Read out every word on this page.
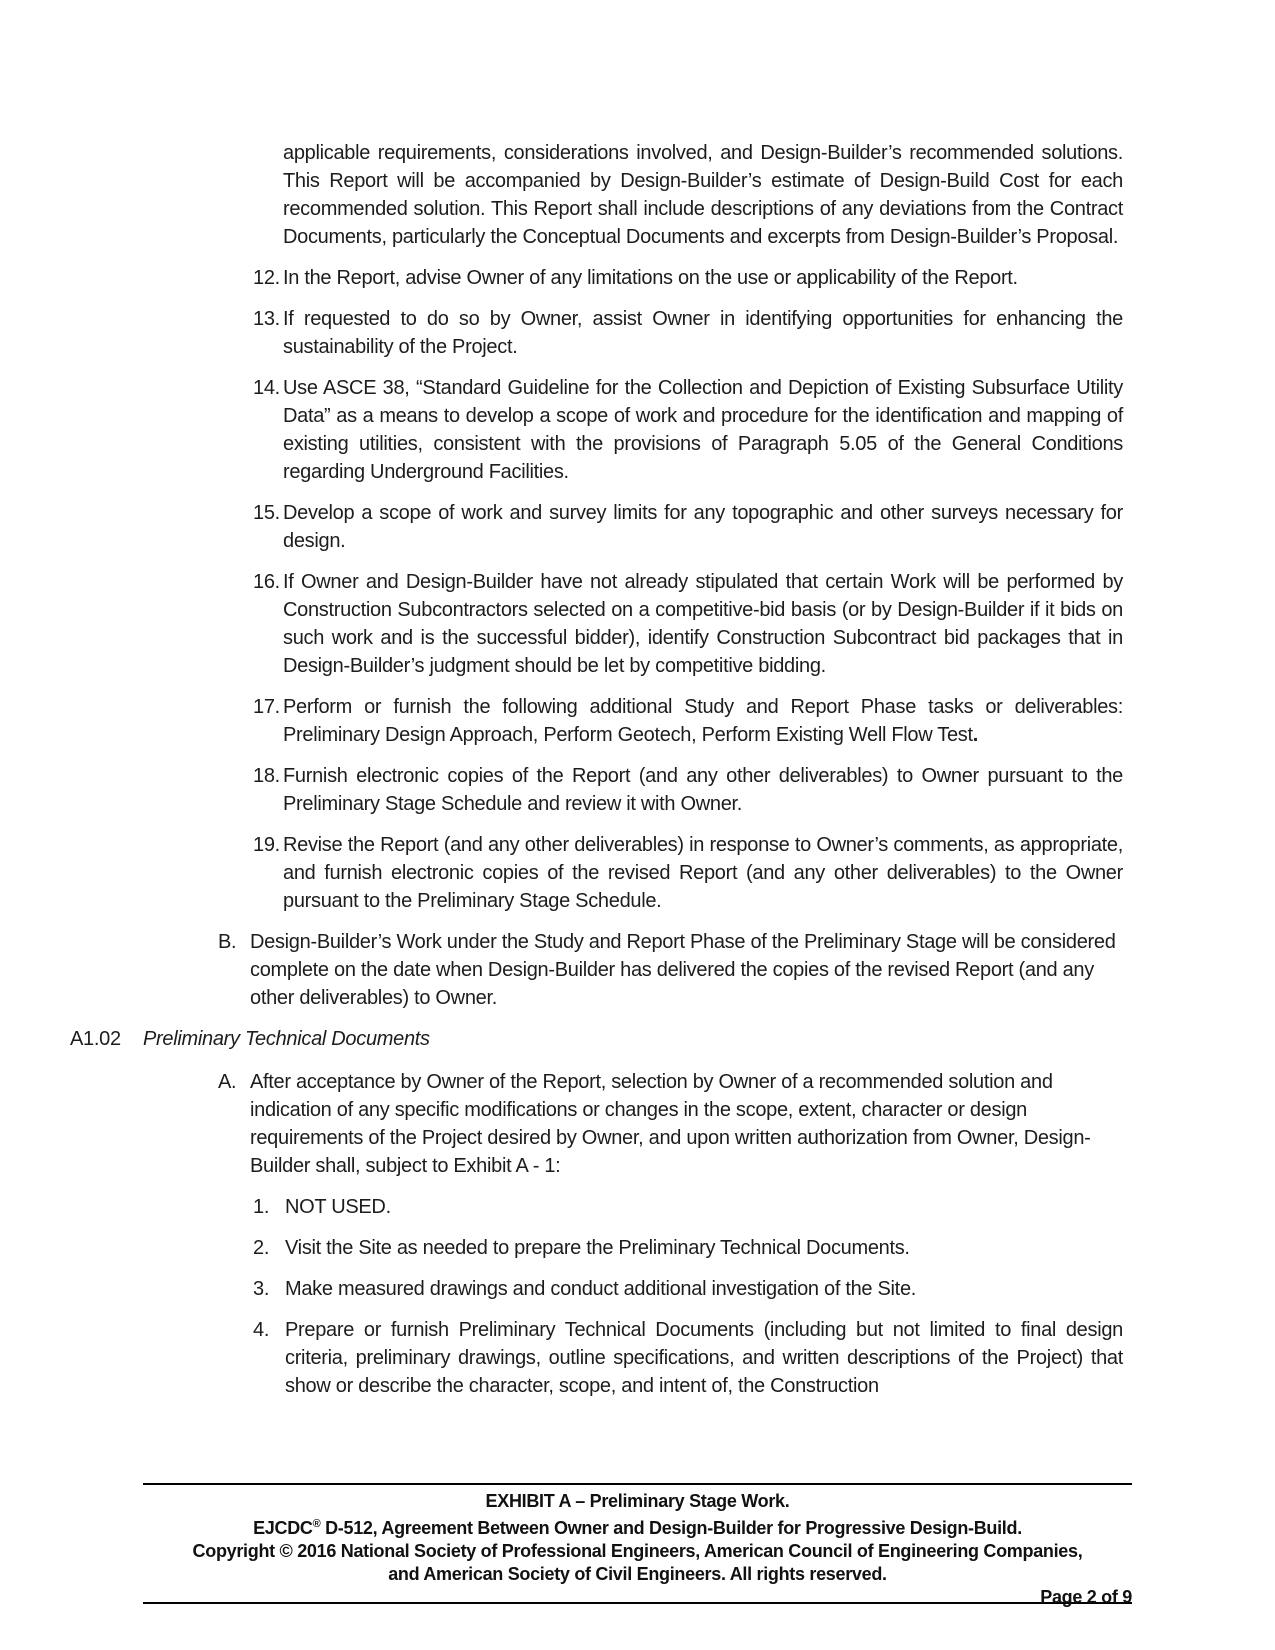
applicable requirements, considerations involved, and Design-Builder’s recommended solutions. This Report will be accompanied by Design-Builder’s estimate of Design-Build Cost for each recommended solution. This Report shall include descriptions of any deviations from the Contract Documents, particularly the Conceptual Documents and excerpts from Design-Builder’s Proposal.

12. In the Report, advise Owner of any limitations on the use or applicability of the Report.
13. If requested to do so by Owner, assist Owner in identifying opportunities for enhancing the sustainability of the Project.
14. Use ASCE 38, “Standard Guideline for the Collection and Depiction of Existing Subsurface Utility Data” as a means to develop a scope of work and procedure for the identification and mapping of existing utilities, consistent with the provisions of Paragraph 5.05 of the General Conditions regarding Underground Facilities.
15. Develop a scope of work and survey limits for any topographic and other surveys necessary for design.
16. If Owner and Design-Builder have not already stipulated that certain Work will be performed by Construction Subcontractors selected on a competitive-bid basis (or by Design-Builder if it bids on such work and is the successful bidder), identify Construction Subcontract bid packages that in Design-Builder’s judgment should be let by competitive bidding.
17. Perform or furnish the following additional Study and Report Phase tasks or deliverables: Preliminary Design Approach, Perform Geotech, Perform Existing Well Flow Test.
18. Furnish electronic copies of the Report (and any other deliverables) to Owner pursuant to the Preliminary Stage Schedule and review it with Owner.
19. Revise the Report (and any other deliverables) in response to Owner’s comments, as appropriate, and furnish electronic copies of the revised Report (and any other deliverables) to the Owner pursuant to the Preliminary Stage Schedule.
B. Design-Builder’s Work under the Study and Report Phase of the Preliminary Stage will be considered complete on the date when Design-Builder has delivered the copies of the revised Report (and any other deliverables) to Owner.
A1.02 Preliminary Technical Documents
A. After acceptance by Owner of the Report, selection by Owner of a recommended solution and indication of any specific modifications or changes in the scope, extent, character or design requirements of the Project desired by Owner, and upon written authorization from Owner, Design-Builder shall, subject to Exhibit A - 1:
1. NOT USED.
2. Visit the Site as needed to prepare the Preliminary Technical Documents.
3. Make measured drawings and conduct additional investigation of the Site.
4. Prepare or furnish Preliminary Technical Documents (including but not limited to final design criteria, preliminary drawings, outline specifications, and written descriptions of the Project) that show or describe the character, scope, and intent of, the Construction
EXHIBIT A – Preliminary Stage Work.
EJCDC® D-512, Agreement Between Owner and Design-Builder for Progressive Design-Build.
Copyright © 2016 National Society of Professional Engineers, American Council of Engineering Companies,
and American Society of Civil Engineers. All rights reserved.
Page 2 of 9
